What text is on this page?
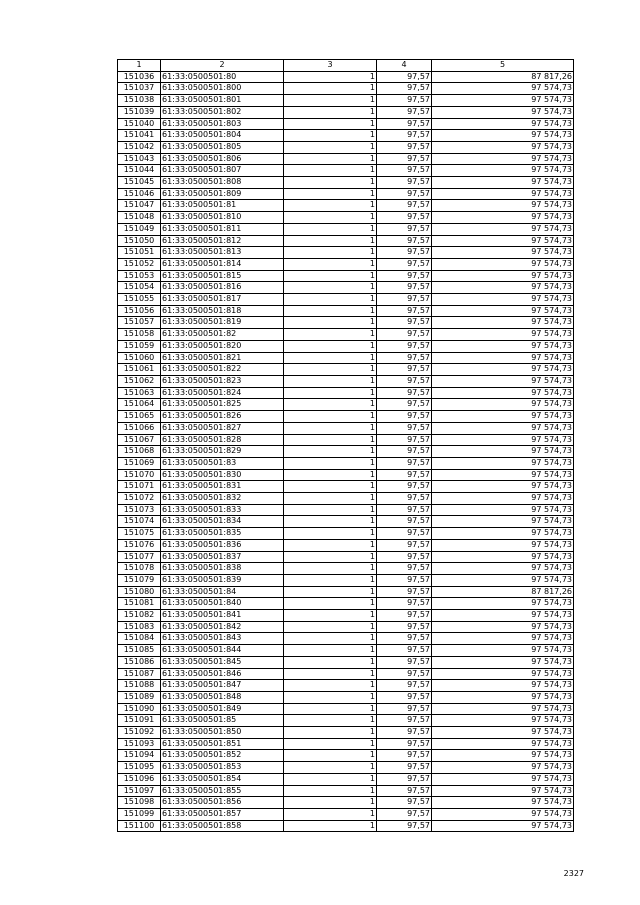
1	2	3	4	5
151036	61:33:0500501:80	1	97,57	87 817,26
151037	61:33:0500501:800	1	97,57	97 574,73
151038	61:33:0500501:801	1	97,57	97 574,73
151039	61:33:0500501:802	1	97,57	97 574,73
151040	61:33:0500501:803	1	97,57	97 574,73
151041	61:33:0500501:804	1	97,57	97 574,73
151042	61:33:0500501:805	1	97,57	97 574,73
151043	61:33:0500501:806	1	97,57	97 574,73
151044	61:33:0500501:807	1	97,57	97 574,73
151045	61:33:0500501:808	1	97,57	97 574,73
151046	61:33:0500501:809	1	97,57	97 574,73
151047	61:33:0500501:81	1	97,57	97 574,73
151048	61:33:0500501:810	1	97,57	97 574,73
151049	61:33:0500501:811	1	97,57	97 574,73
151050	61:33:0500501:812	1	97,57	97 574,73
151051	61:33:0500501:813	1	97,57	97 574,73
151052	61:33:0500501:814	1	97,57	97 574,73
151053	61:33:0500501:815	1	97,57	97 574,73
151054	61:33:0500501:816	1	97,57	97 574,73
151055	61:33:0500501:817	1	97,57	97 574,73
151056	61:33:0500501:818	1	97,57	97 574,73
151057	61:33:0500501:819	1	97,57	97 574,73
151058	61:33:0500501:82	1	97,57	97 574,73
151059	61:33:0500501:820	1	97,57	97 574,73
151060	61:33:0500501:821	1	97,57	97 574,73
151061	61:33:0500501:822	1	97,57	97 574,73
151062	61:33:0500501:823	1	97,57	97 574,73
151063	61:33:0500501:824	1	97,57	97 574,73
151064	61:33:0500501:825	1	97,57	97 574,73
151065	61:33:0500501:826	1	97,57	97 574,73
151066	61:33:0500501:827	1	97,57	97 574,73
151067	61:33:0500501:828	1	97,57	97 574,73
151068	61:33:0500501:829	1	97,57	97 574,73
151069	61:33:0500501:83	1	97,57	97 574,73
151070	61:33:0500501:830	1	97,57	97 574,73
151071	61:33:0500501:831	1	97,57	97 574,73
151072	61:33:0500501:832	1	97,57	97 574,73
151073	61:33:0500501:833	1	97,57	97 574,73
151074	61:33:0500501:834	1	97,57	97 574,73
151075	61:33:0500501:835	1	97,57	97 574,73
151076	61:33:0500501:836	1	97,57	97 574,73
151077	61:33:0500501:837	1	97,57	97 574,73
151078	61:33:0500501:838	1	97,57	97 574,73
151079	61:33:0500501:839	1	97,57	97 574,73
151080	61:33:0500501:84	1	97,57	87 817,26
151081	61:33:0500501:840	1	97,57	97 574,73
151082	61:33:0500501:841	1	97,57	97 574,73
151083	61:33:0500501:842	1	97,57	97 574,73
151084	61:33:0500501:843	1	97,57	97 574,73
151085	61:33:0500501:844	1	97,57	97 574,73
151086	61:33:0500501:845	1	97,57	97 574,73
151087	61:33:0500501:846	1	97,57	97 574,73
151088	61:33:0500501:847	1	97,57	97 574,73
151089	61:33:0500501:848	1	97,57	97 574,73
151090	61:33:0500501:849	1	97,57	97 574,73
151091	61:33:0500501:85	1	97,57	97 574,73
151092	61:33:0500501:850	1	97,57	97 574,73
151093	61:33:0500501:851	1	97,57	97 574,73
151094	61:33:0500501:852	1	97,57	97 574,73
151095	61:33:0500501:853	1	97,57	97 574,73
151096	61:33:0500501:854	1	97,57	97 574,73
151097	61:33:0500501:855	1	97,57	97 574,73
151098	61:33:0500501:856	1	97,57	97 574,73
151099	61:33:0500501:857	1	97,57	97 574,73
151100	61:33:0500501:858	1	97,57	97 574,73
2327
